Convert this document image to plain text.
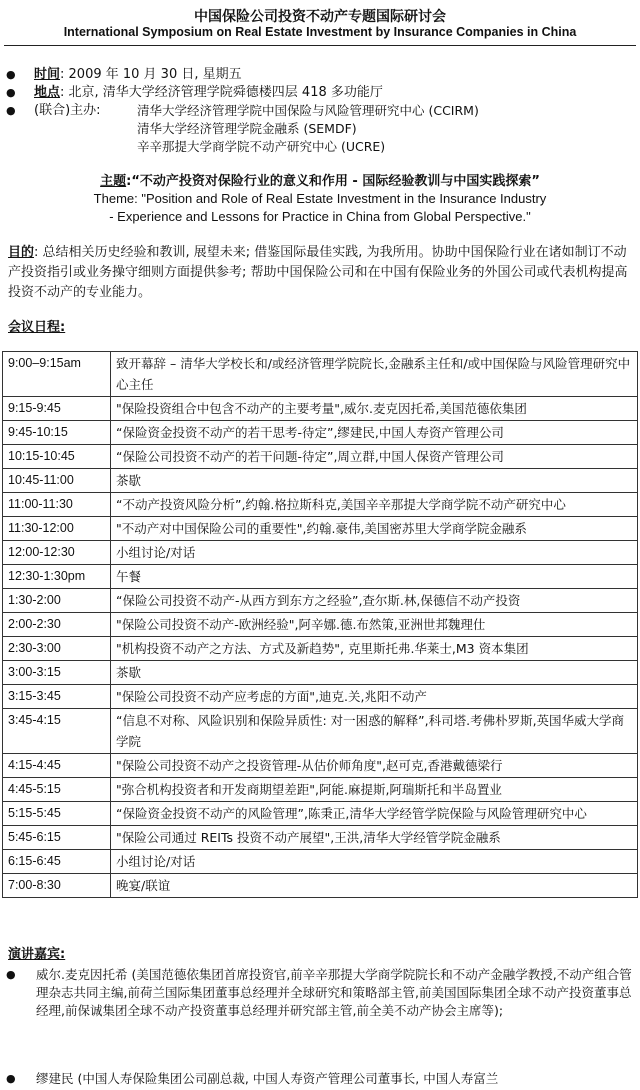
中国保险公司投资不动产专题国际研讨会
International Symposium on Real Estate Investment by Insurance Companies in China
● 时间: 2009 年 10 月 30 日, 星期五
● 地点: 北京, 清华大学经济管理学院舜德楼四层 418 多功能厅
● (联合)主办:	清华大学经济管理学院中国保险与风险管理研究中心 (CCIRM)
清华大学经济管理学院金融系 (SEMDF)
辛辛那提大学商学院不动产研究中心 (UCRE)
主题:“不动产投资对保险行业的意义和作用 - 国际经验教训与中国实践探索”
Theme: "Position and Role of Real Estate Investment in the Insurance Industry
- Experience and Lessons for Practice in China from Global Perspective."
目的: 总结相关历史经验和教训, 展望未来; 借鉴国际最佳实践, 为我所用。协助中国保险行业在诸如制订不动产投资指引或业务操守细则方面提供参考; 帮助中国保险公司和在中国有保险业务的外国公司或代表机构提高投资不动产的专业能力。
会议日程:
9:00–9:15am	致开幕辞 – 清华大学校长和/或经济管理学院院长,金融系主任和/或中国保险与风险管理研究中心主任
9:15-9:45	"保险投资组合中包含不动产的主要考量",威尔.麦克因托希,美国范德依集团
9:45-10:15	“保险资金投资不动产的若干思考-待定”,缪建民,中国人寿资产管理公司
10:15-10:45	“保险公司投资不动产的若干问题-待定”,周立群,中国人保资产管理公司
10:45-11:00	茶歇
11:00-11:30	“不动产投资风险分析”,约翰.格拉斯科克,美国辛辛那提大学商学院不动产研究中心
11:30-12:00	"不动产对中国保险公司的重要性",约翰.豪伟,美国密苏里大学商学院金融系
12:00-12:30	小组讨论/对话
12:30-1:30pm	午餐
1:30-2:00	“保险公司投资不动产-从西方到东方之经验”,查尔斯.林,保德信不动产投资
2:00-2:30	"保险公司投资不动产-欧洲经验",阿辛娜.德.布然策,亚洲世邦魏理仕
2:30-3:00	"机构投资不动产之方法、方式及新趋势", 克里斯托弗.华莱士,M3 资本集团
3:00-3:15	茶歇
3:15-3:45	"保险公司投资不动产应考虑的方面",迪克.关,兆阳不动产
3:45-4:15	“信息不对称、风险识别和保险异质性: 对一困惑的解释”,科司塔.考佛朴罗斯,英国华威大学商学院
4:15-4:45	"保险公司投资不动产之投资管理-从估价师角度",赵可克,香港戴德梁行
4:45-5:15	"弥合机构投资者和开发商期望差距",阿能.麻提斯,阿瑞斯托和半岛置业
5:15-5:45	“保险资金投资不动产的风险管理”,陈秉正,清华大学经管学院保险与风险管理研究中心
5:45-6:15	"保险公司通过 REITs 投资不动产展望",王洪,清华大学经管学院金融系
6:15-6:45	小组讨论/对话
7:00-8:30	晚宴/联谊
演讲嘉宾:
● 威尔.麦克因托希 (美国范德依集团首席投资官,前辛辛那提大学商学院院长和不动产金融学教授,不动产组合管理杂志共同主编,前荷兰国际集团董事总经理并全球研究和策略部主管,前美国国际集团全球不动产投资董事总经理,前保诚集团全球不动产投资董事总经理并研究部主管,前全美不动产协会主席等);
● 缪建民 (中国人寿保险集团公司副总裁, 中国人寿资产管理公司董事长, 中国人寿富兰
